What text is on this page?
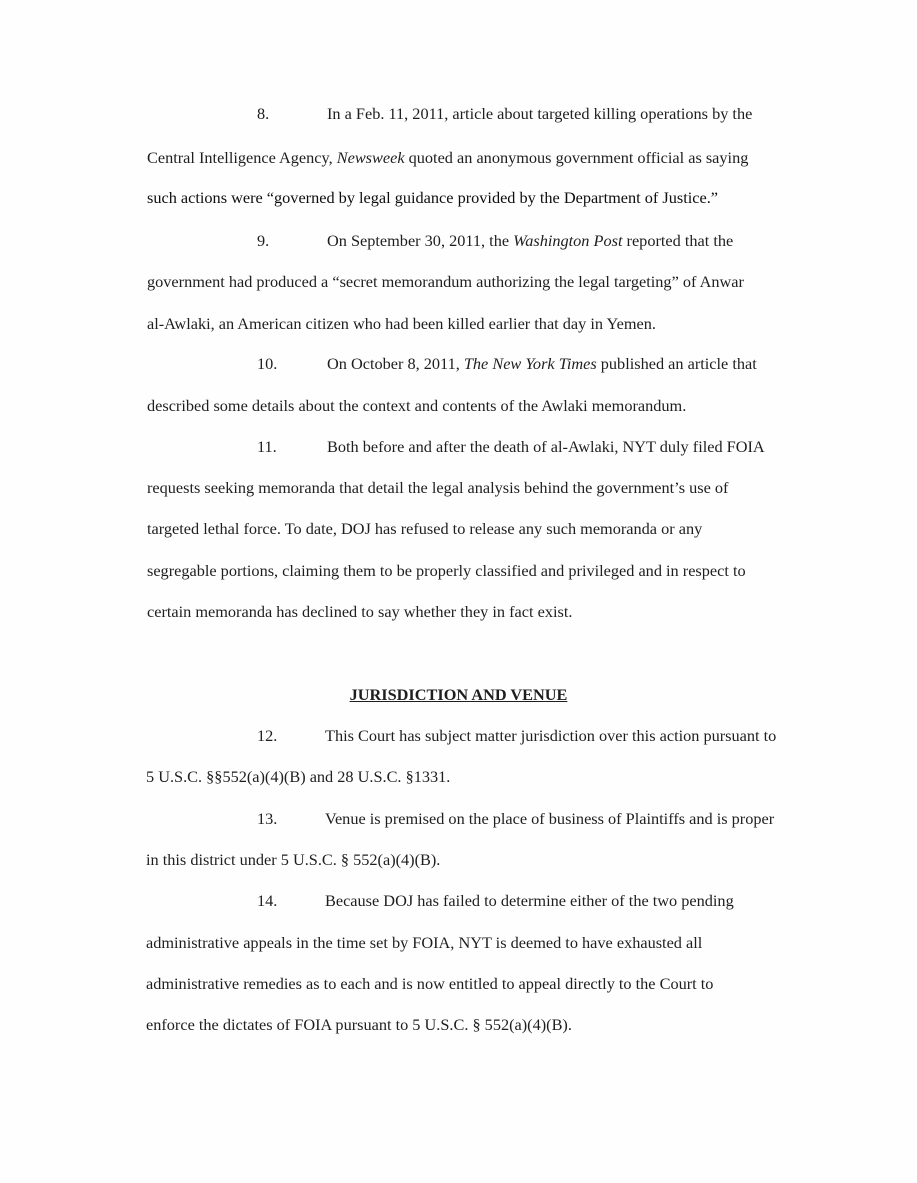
8.	In a Feb. 11, 2011, article about targeted killing operations by the

Central Intelligence Agency, Newsweek quoted an anonymous government official as saying

such actions were “governed by legal guidance provided by the Department of Justice.”

9.	On September 30, 2011, the Washington Post reported that the

government had produced a “secret memorandum authorizing the legal targeting” of Anwar

al-Awlaki, an American citizen who had been killed earlier that day in Yemen.

10.	On October 8, 2011, The New York Times published an article that

described some details about the context and contents of the Awlaki memorandum.

11.	Both before and after the death of al-Awlaki, NYT duly filed FOIA

requests seeking memoranda that detail the legal analysis behind the government’s use of

targeted lethal force. To date, DOJ has refused to release any such memoranda or any

segregable portions, claiming them to be properly classified and privileged and in respect to

certain memoranda has declined to say whether they in fact exist.

JURISDICTION AND VENUE
12.	This Court has subject matter jurisdiction over this action pursuant to

5 U.S.C. §§552(a)(4)(B) and 28 U.S.C. §1331.

13.	Venue is premised on the place of business of Plaintiffs and is proper

in this district under 5 U.S.C. § 552(a)(4)(B).

14.	Because DOJ has failed to determine either of the two pending

administrative appeals in the time set by FOIA, NYT is deemed to have exhausted all

administrative remedies as to each and is now entitled to appeal directly to the Court to

enforce the dictates of FOIA pursuant to 5 U.S.C. § 552(a)(4)(B).
